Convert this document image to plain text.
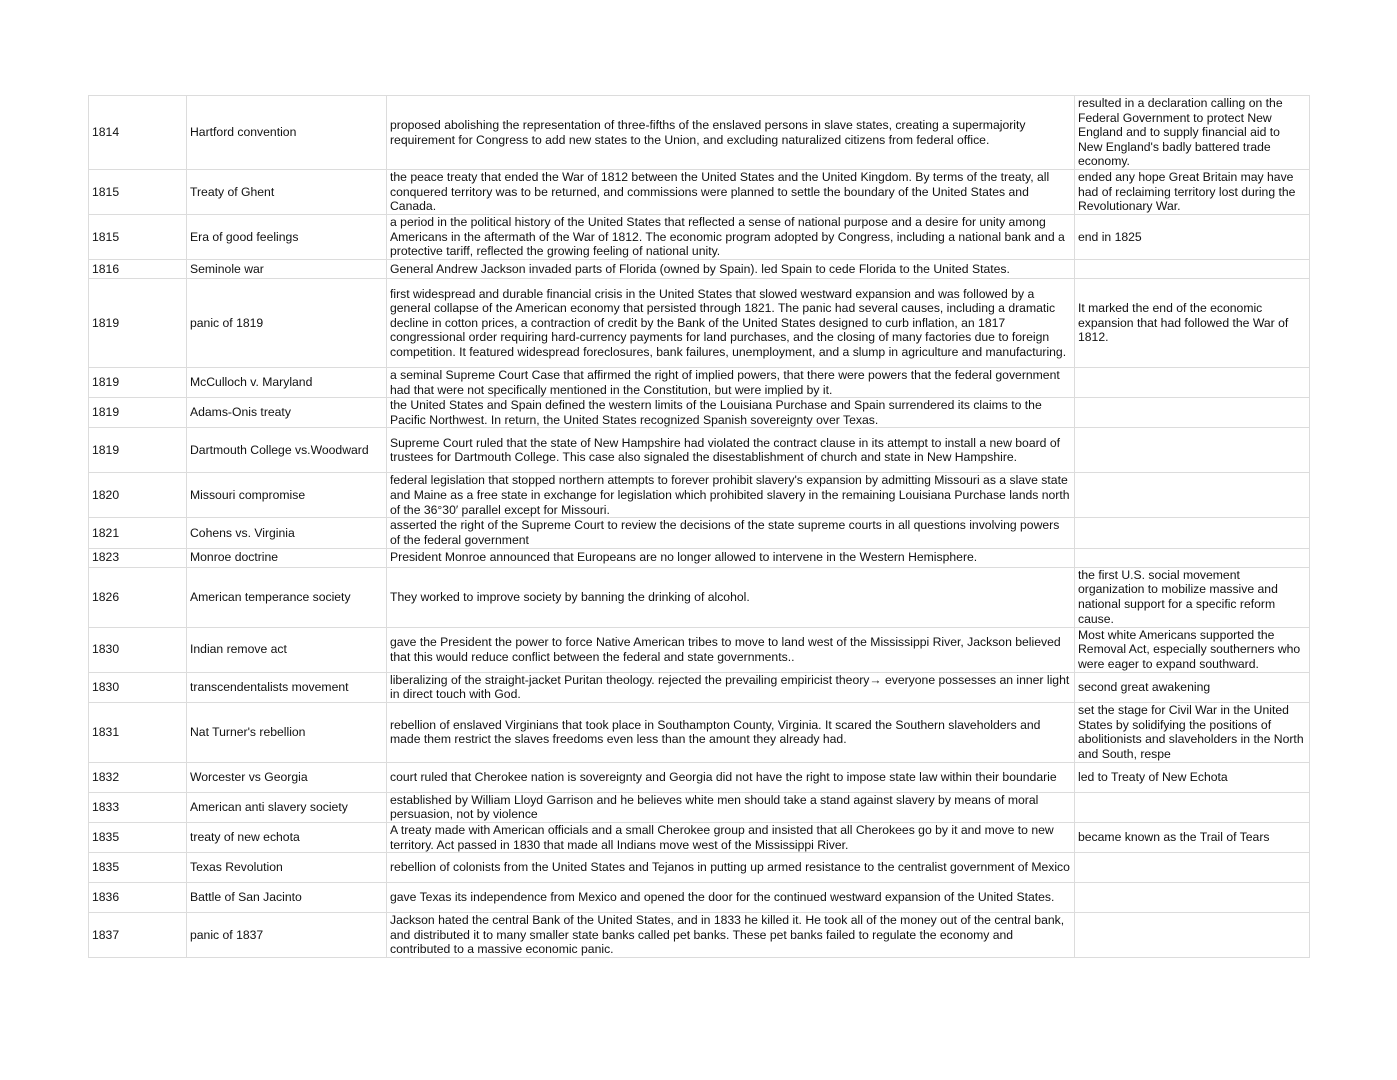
1814	Hartford convention	proposed abolishing the representation of three-fifths of the enslaved persons in slave states, creating a supermajority requirement for Congress to add new states to the Union, and excluding naturalized citizens from federal office.	resulted in a declaration calling on the Federal Government to protect New England and to supply financial aid to New England's badly battered trade economy.
1815	Treaty of Ghent	the peace treaty that ended the War of 1812 between the United States and the United Kingdom. By terms of the treaty, all conquered territory was to be returned, and commissions were planned to settle the boundary of the United States and Canada.	ended any hope Great Britain may have had of reclaiming territory lost during the Revolutionary War.
1815	Era of good feelings	a period in the political history of the United States that reflected a sense of national purpose and a desire for unity among Americans in the aftermath of the War of 1812. The economic program adopted by Congress, including a national bank and a protective tariff, reflected the growing feeling of national unity.	end in 1825
1816	Seminole war	General Andrew Jackson invaded parts of Florida (owned by Spain). led Spain to cede Florida to the United States.	
1819	panic of 1819	first widespread and durable financial crisis in the United States that slowed westward expansion and was followed by a general collapse of the American economy that persisted through 1821. The panic had several causes, including a dramatic decline in cotton prices, a contraction of credit by the Bank of the United States designed to curb inflation, an 1817 congressional order requiring hard-currency payments for land purchases, and the closing of many factories due to foreign competition. It featured widespread foreclosures, bank failures, unemployment, and a slump in agriculture and manufacturing.	It marked the end of the economic expansion that had followed the War of 1812.
1819	McCulloch v. Maryland	a seminal Supreme Court Case that affirmed the right of implied powers, that there were powers that the federal government had that were not specifically mentioned in the Constitution, but were implied by it.	
1819	Adams-Onis treaty	the United States and Spain defined the western limits of the Louisiana Purchase and Spain surrendered its claims to the Pacific Northwest. In return, the United States recognized Spanish sovereignty over Texas.	
1819	Dartmouth College vs.Woodward	Supreme Court ruled that the state of New Hampshire had violated the contract clause in its attempt to install a new board of trustees for Dartmouth College. This case also signaled the disestablishment of church and state in New Hampshire.	
1820	Missouri compromise	federal legislation that stopped northern attempts to forever prohibit slavery's expansion by admitting Missouri as a slave state and Maine as a free state in exchange for legislation which prohibited slavery in the remaining Louisiana Purchase lands north of the 36°30′ parallel except for Missouri.	
1821	Cohens vs. Virginia	asserted the right of the Supreme Court to review the decisions of the state supreme courts in all questions involving powers of the federal government	
1823	Monroe doctrine	President Monroe announced that Europeans are no longer allowed to intervene in the Western Hemisphere.	
1826	American temperance society	They worked to improve society by banning the drinking of alcohol.	the first U.S. social movement organization to mobilize massive and national support for a specific reform cause.
1830	Indian remove act	gave the President the power to force Native American tribes to move to land west of the Mississippi River, Jackson believed that this would reduce conflict between the federal and state governments..	Most white Americans supported the Removal Act, especially southerners who were eager to expand southward.
1830	transcendentalists movement	liberalizing of the straight-jacket Puritan theology. rejected the prevailing empiricist theory→ everyone possesses an inner light in direct touch with God.	second great awakening
1831	Nat Turner's rebellion	rebellion of enslaved Virginians that took place in Southampton County, Virginia. It scared the Southern slaveholders and made them restrict the slaves freedoms even less than the amount they already had.	set the stage for Civil War in the United States by solidifying the positions of abolitionists and slaveholders in the North and South, respe
1832	Worcester vs Georgia	court ruled that Cherokee nation is sovereignty and Georgia did not have the right to impose state law within their boundarie	led to Treaty of New Echota
1833	American anti slavery society	established by William Lloyd Garrison and he believes white men should take a stand against slavery by means of moral persuasion, not by violence	
1835	treaty of new echota	A treaty made with American officials and a small Cherokee group and insisted that all Cherokees go by it and move to new territory. Act passed in 1830 that made all Indians move west of the Mississippi River.	became known as the Trail of Tears
1835	Texas Revolution	rebellion of colonists from the United States and Tejanos in putting up armed resistance to the centralist government of Mexico	
1836	Battle of San Jacinto	gave Texas its independence from Mexico and opened the door for the continued westward expansion of the United States.	
1837	panic of 1837	Jackson hated the central Bank of the United States, and in 1833 he killed it. He took all of the money out of the central bank, and distributed it to many smaller state banks called pet banks. These pet banks failed to regulate the economy and contributed to a massive economic panic.	
